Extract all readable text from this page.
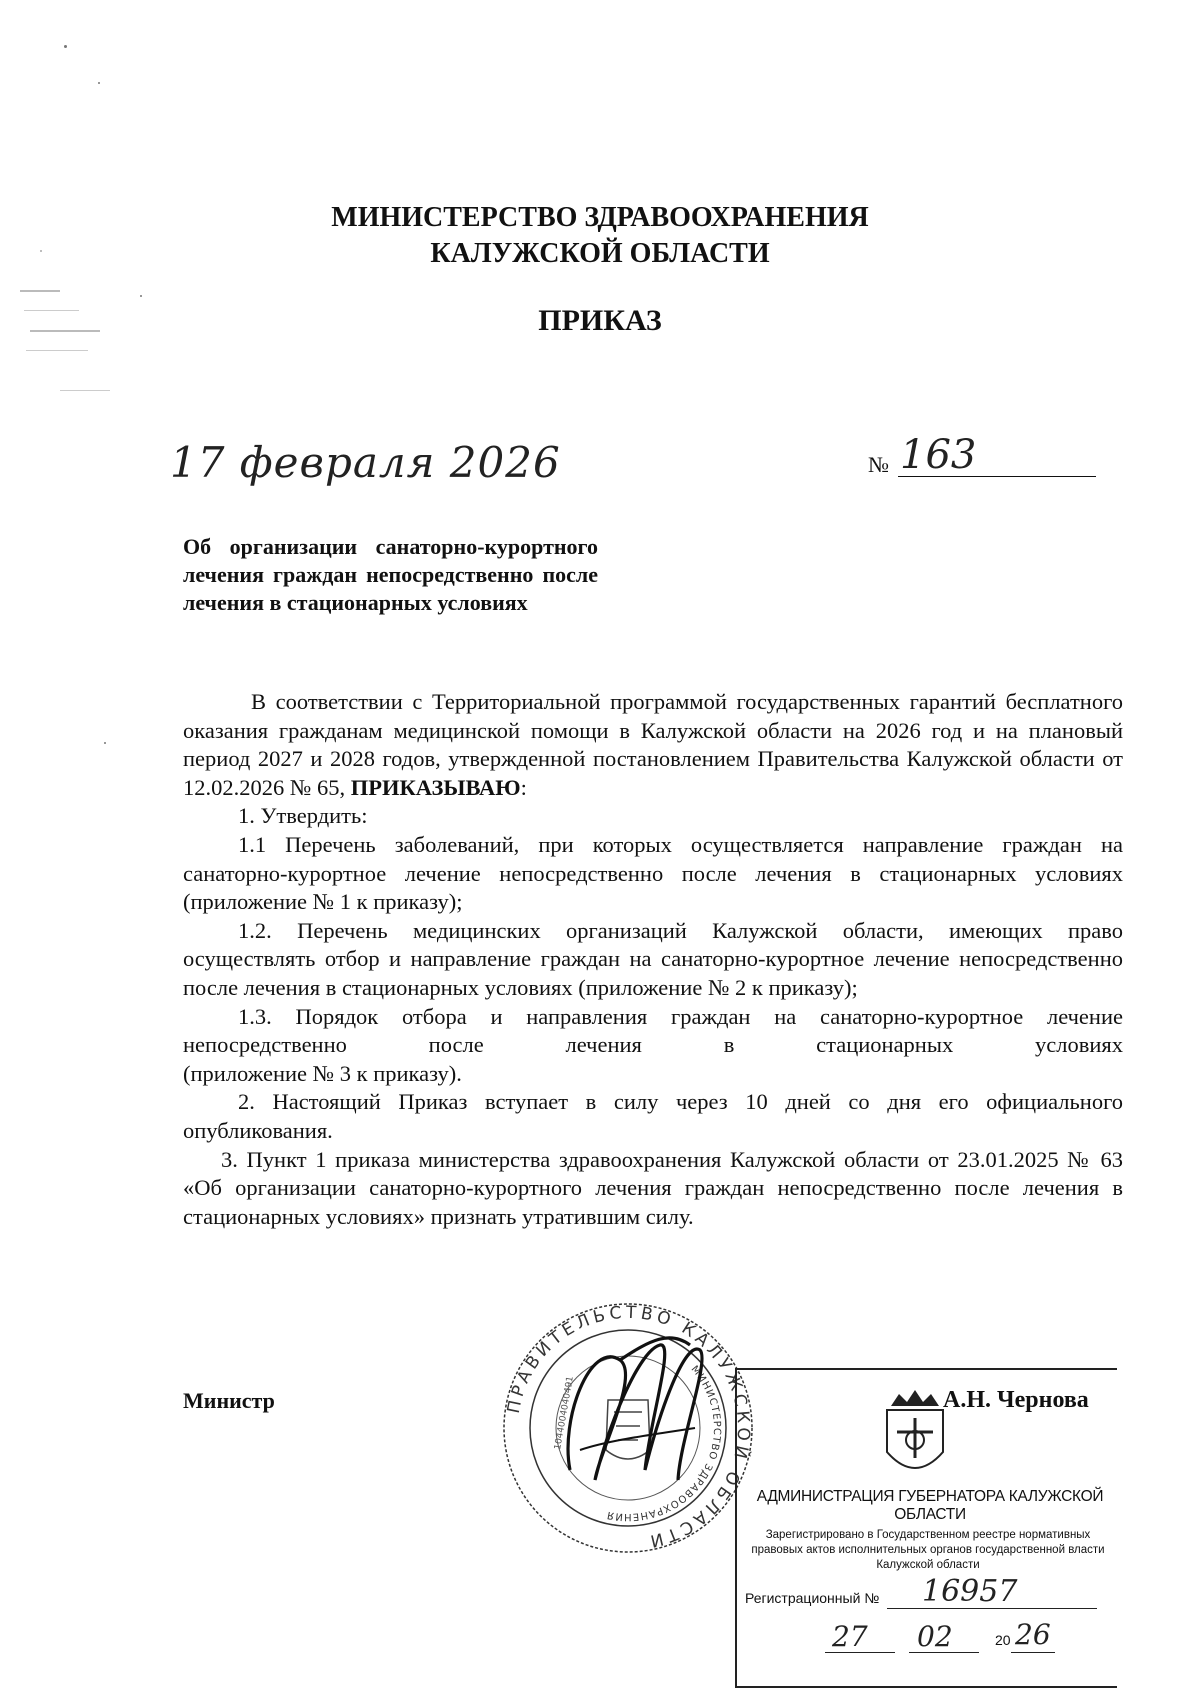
МИНИСТЕРСТВО ЗДРАВООХРАНЕНИЯ
КАЛУЖСКОЙ ОБЛАСТИ
ПРИКАЗ
17 февраля 2026	№ 163
Об организации санаторно-курортного лечения граждан непосредственно после лечения в стационарных условиях

В соответствии с Территориальной программой государственных гарантий бесплатного оказания гражданам медицинской помощи в Калужской области на 2026 год и на плановый период 2027 и 2028 годов, утвержденной постановлением Правительства Калужской области от 12.02.2026 № 65, ПРИКАЗЫВАЮ:

1. Утвердить:

1.1 Перечень заболеваний, при которых осуществляется направление граждан на санаторно-курортное лечение непосредственно после лечения в стационарных условиях (приложение № 1 к приказу);

1.2. Перечень медицинских организаций Калужской области, имеющих право осуществлять отбор и направление граждан на санаторно-курортное лечение непосредственно после лечения в стационарных условиях (приложение № 2 к приказу);

1.3. Порядок отбора и направления граждан на санаторно-курортное лечение

непосредственно после лечения в стационарных условиях

(приложение № 3 к приказу).

2. Настоящий Приказ вступает в силу через 10 дней со дня его официального опубликования.

3. Пункт 1 приказа министерства здравоохранения Калужской области от 23.01.2025 № 63 «Об организации санаторно-курортного лечения граждан непосредственно после лечения в стационарных условиях» признать утратившим силу.

Министр	А.Н. Чернова
ПРАВИТЕЛЬСТВО КАЛУЖСКОЙ ОБЛАСТИ
МИНИСТЕРСТВО ЗДРАВООХРАНЕНИЯ
1044004040491
АДМИНИСТРАЦИЯ ГУБЕРНАТОРА КАЛУЖСКОЙ ОБЛАСТИ
Зарегистрировано в Государственном реестре нормативных
правовых актов исполнительных органов государственной власти
Калужской области
Регистрационный № 16957
27 02	20 26
